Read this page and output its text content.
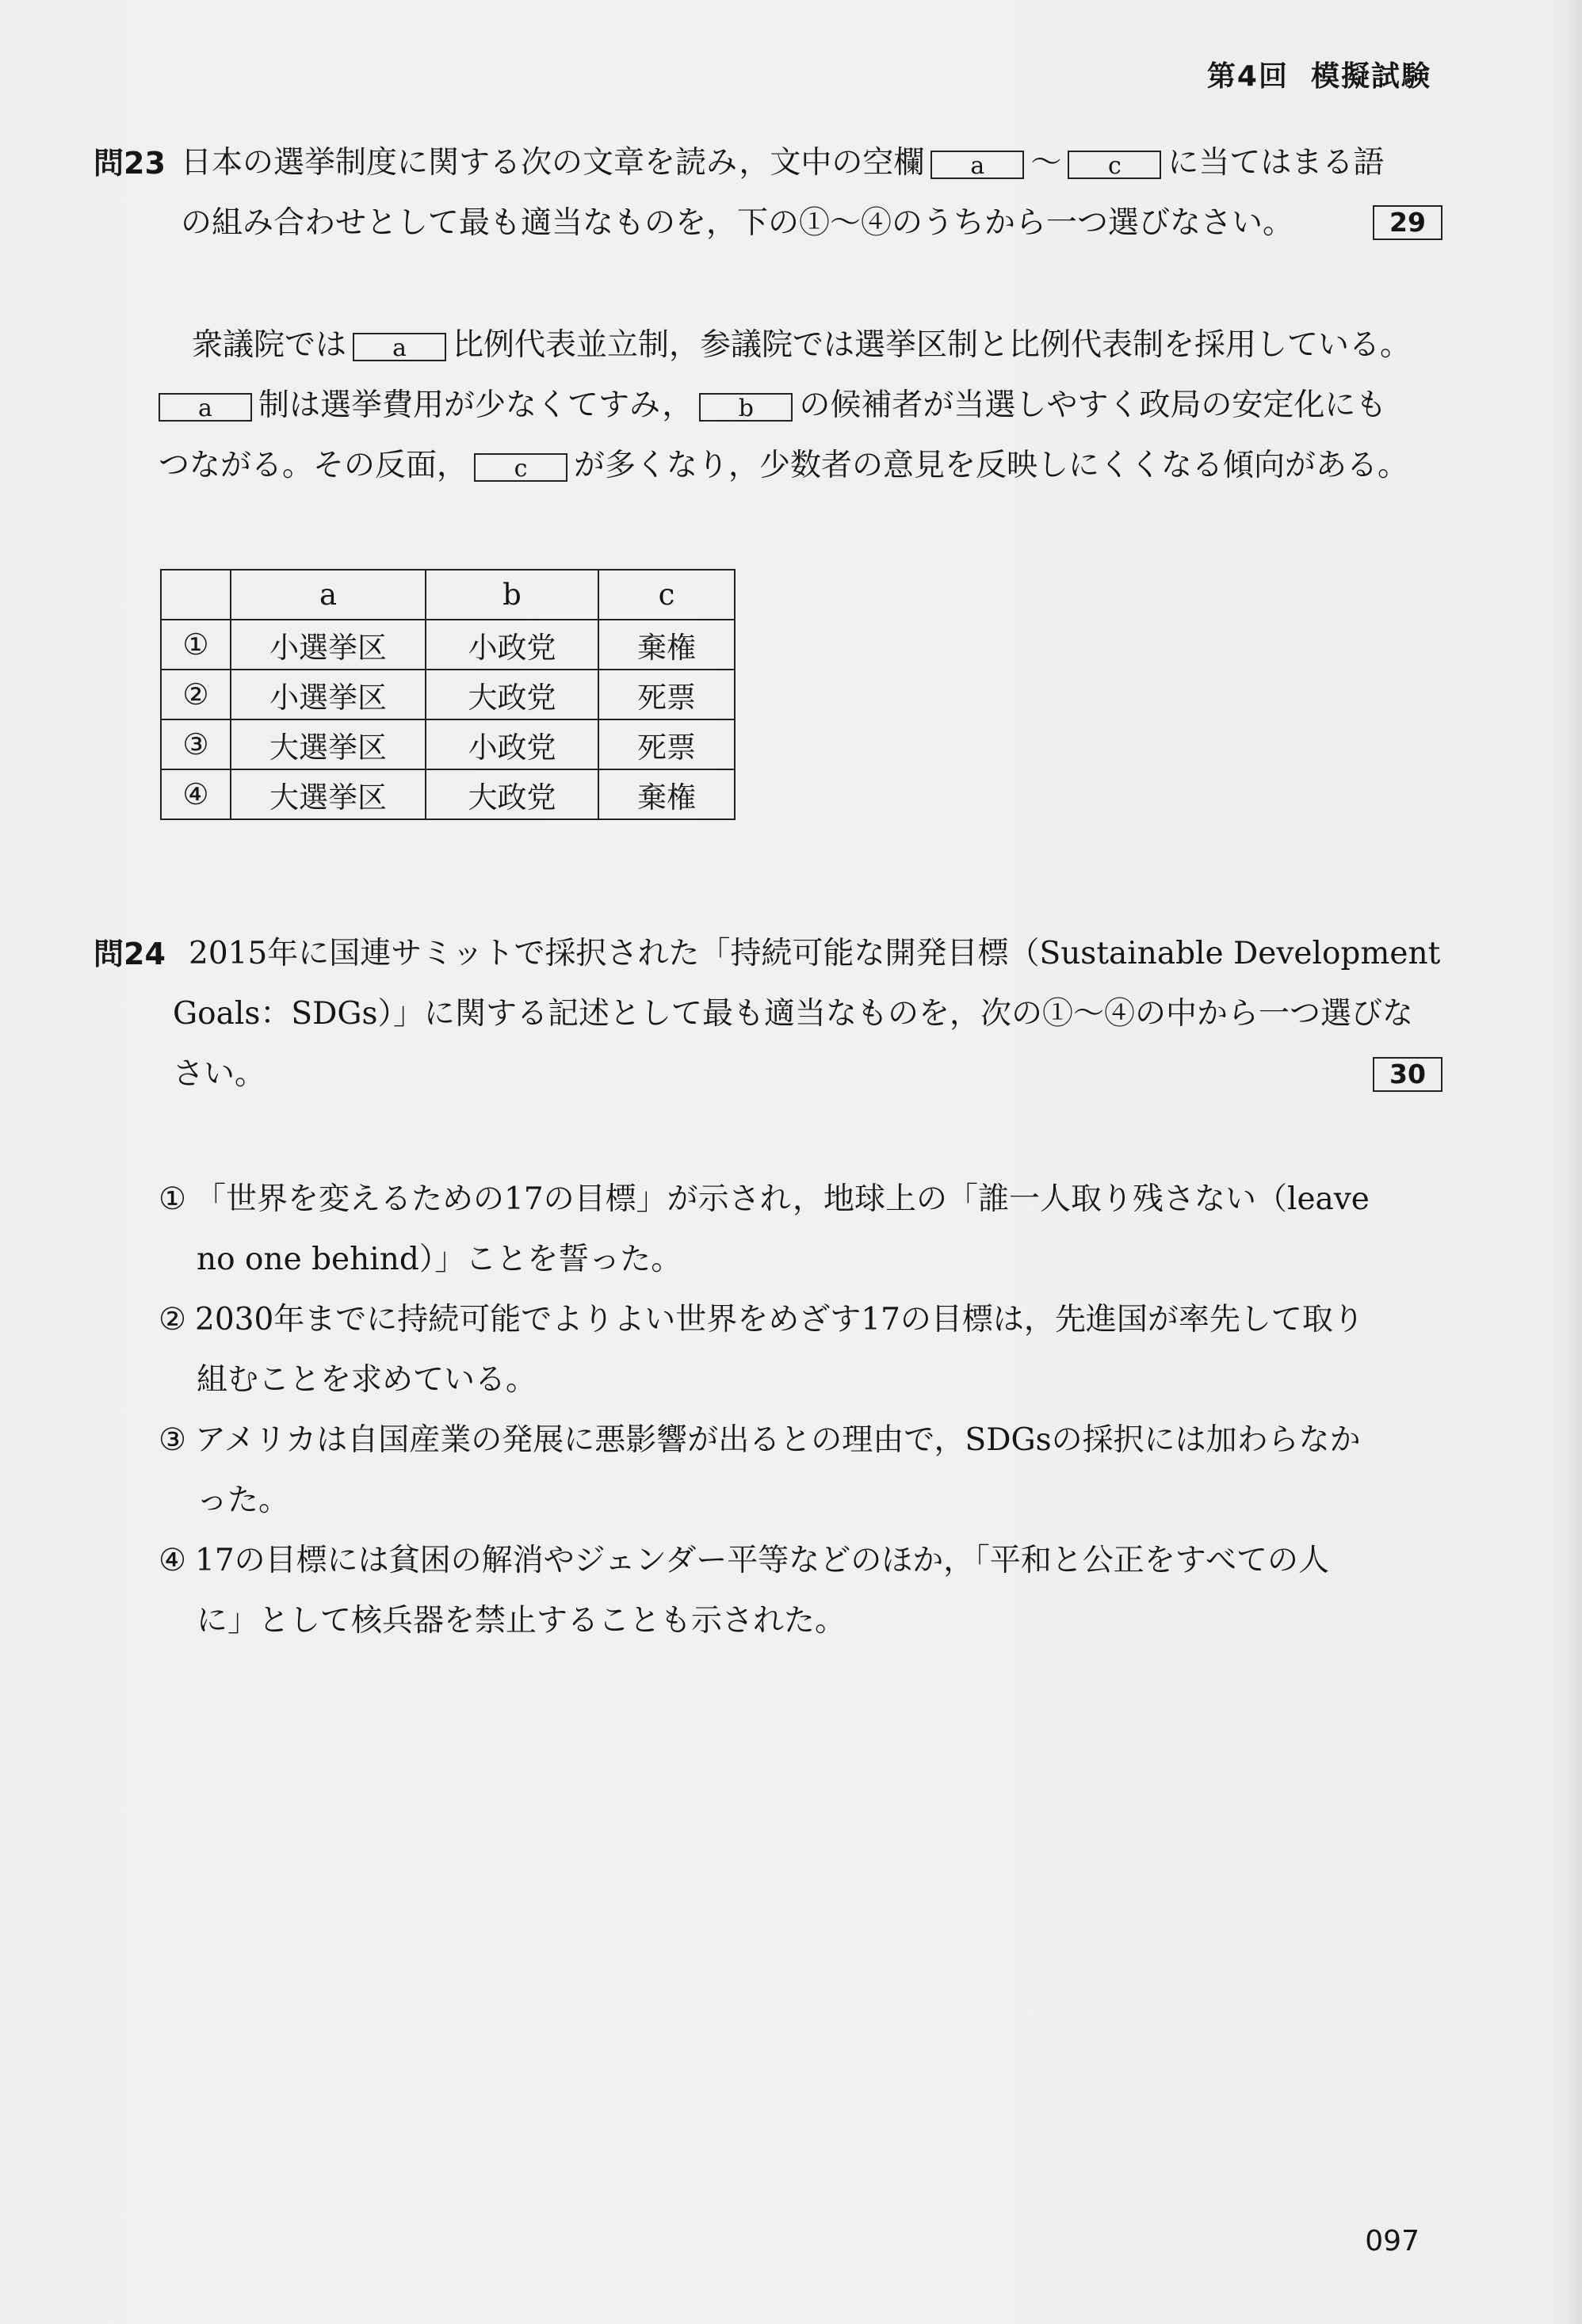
第4回 模擬試験
問23 日本の選挙制度に関する次の文章を読み，文中の空欄 a ～ c に当てはまる語
の組み合わせとして最も適当なものを，下の①～④のうちから一つ選びなさい。	29
衆議院では a 比例代表並立制，参議院では選挙区制と比例代表制を採用している。
a 制は選挙費用が少なくてすみ， b の候補者が当選しやすく政局の安定化にも
つながる。その反面， c が多くなり，少数者の意見を反映しにくくなる傾向がある。
	a	b	c
①	小選挙区	小政党	棄権
②	小選挙区	大政党	死票
③	大選挙区	小政党	死票
④	大選挙区	大政党	棄権
問24 2015年に国連サミットで採択された「持続可能な開発目標（Sustainable Development
Goals：SDGs）」に関する記述として最も適当なものを，次の①～④の中から一つ選びな
さい。	30
① 「世界を変えるための17の目標」が示され，地球上の「誰一人取り残さない（leave
no one behind）」ことを誓った。
② 2030年までに持続可能でよりよい世界をめざす17の目標は，先進国が率先して取り
組むことを求めている。
③ アメリカは自国産業の発展に悪影響が出るとの理由で，SDGsの採択には加わらなか
った。
④ 17の目標には貧困の解消やジェンダー平等などのほか，「平和と公正をすべての人
に」として核兵器を禁止することも示された。
097
